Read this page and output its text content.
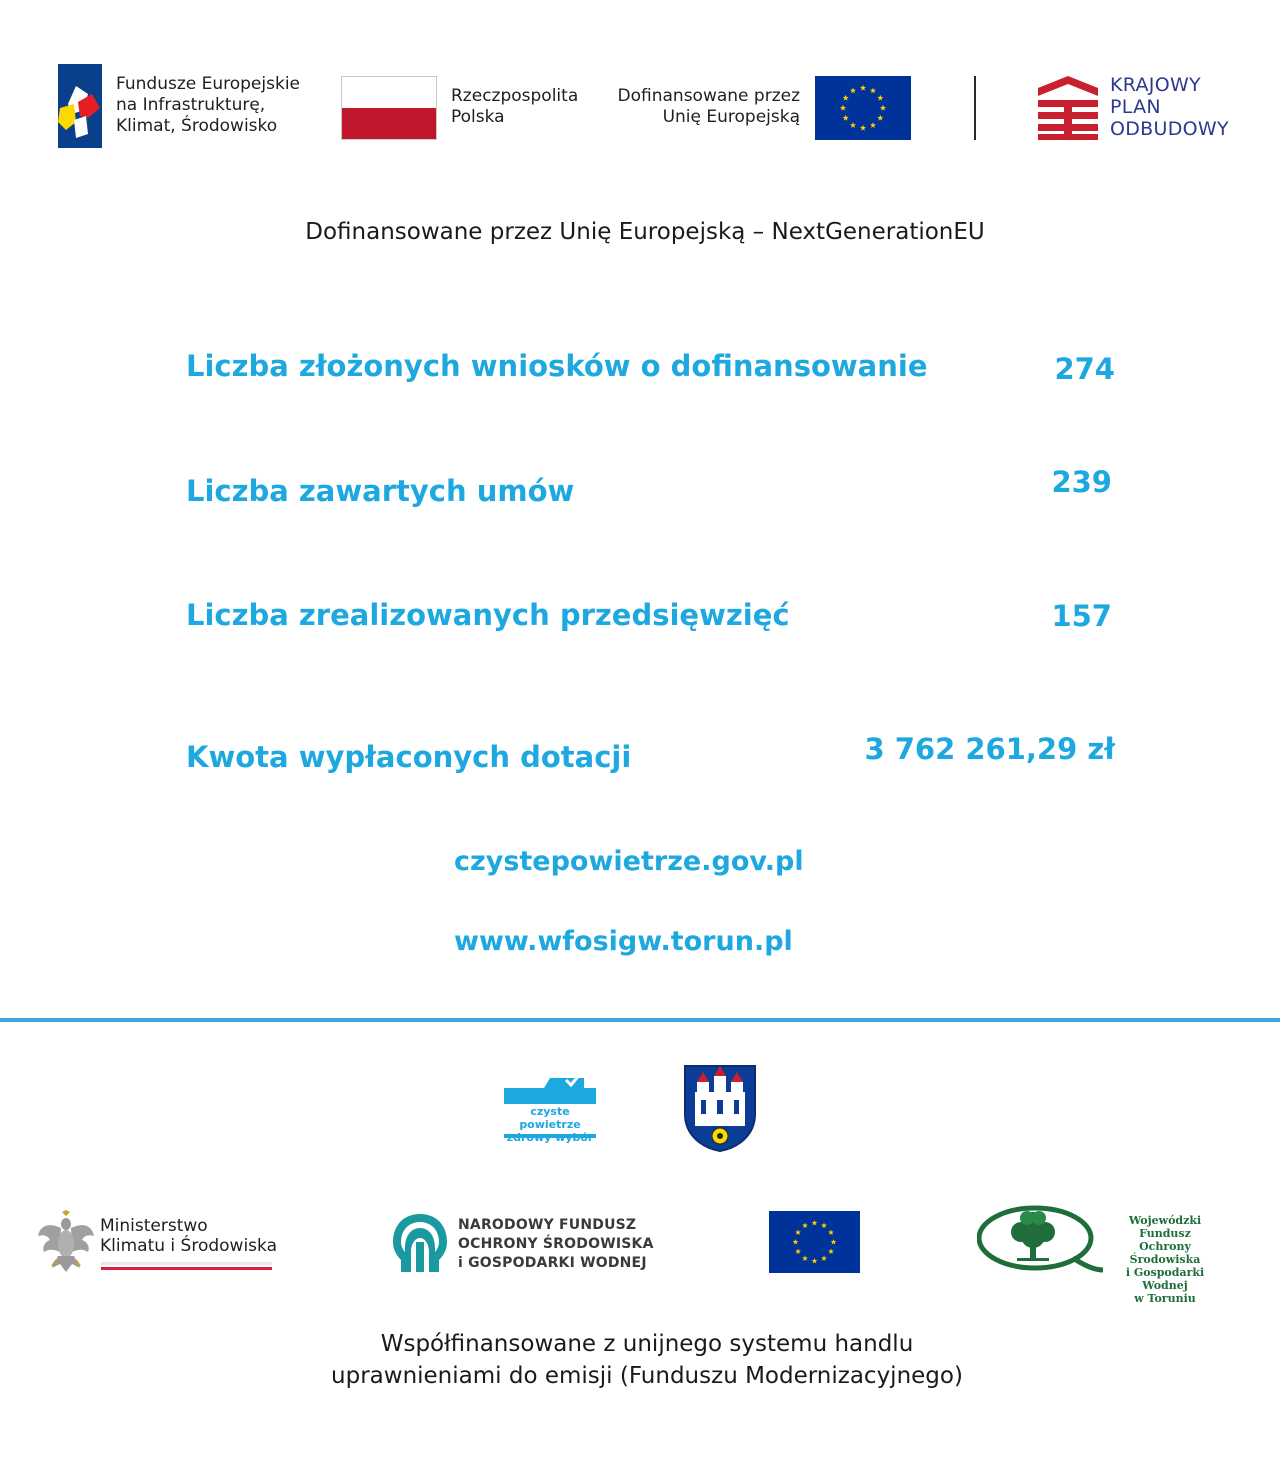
Fundusze Europejskie
na Infrastrukturę,
Klimat, Środowisko
Rzeczpospolita
Polska
Dofinansowane przez
Unię Europejską
KRAJOWY
PLAN
ODBUDOWY
Dofinansowane przez Unię Europejską – NextGenerationEU
Liczba złożonych wniosków o dofinansowanie	274
Liczba zawartych umów	239
Liczba zrealizowanych przedsięwzięć	157
Kwota wypłaconych dotacji	3 762 261,29 zł
czystepowietrze.gov.pl
www.wfosigw.torun.pl
czyste powietrze
Ministerstwo
Klimatu i Środowiska
NARODOWY FUNDUSZ
OCHRONY ŚRODOWISKA
i GOSPODARKI WODNEJ
Wojewódzki Fundusz
Ochrony Środowiska
i Gospodarki Wodnej
w Toruniu
Współfinansowane z unijnego systemu handlu
uprawnieniami do emisji (Funduszu Modernizacyjnego)
